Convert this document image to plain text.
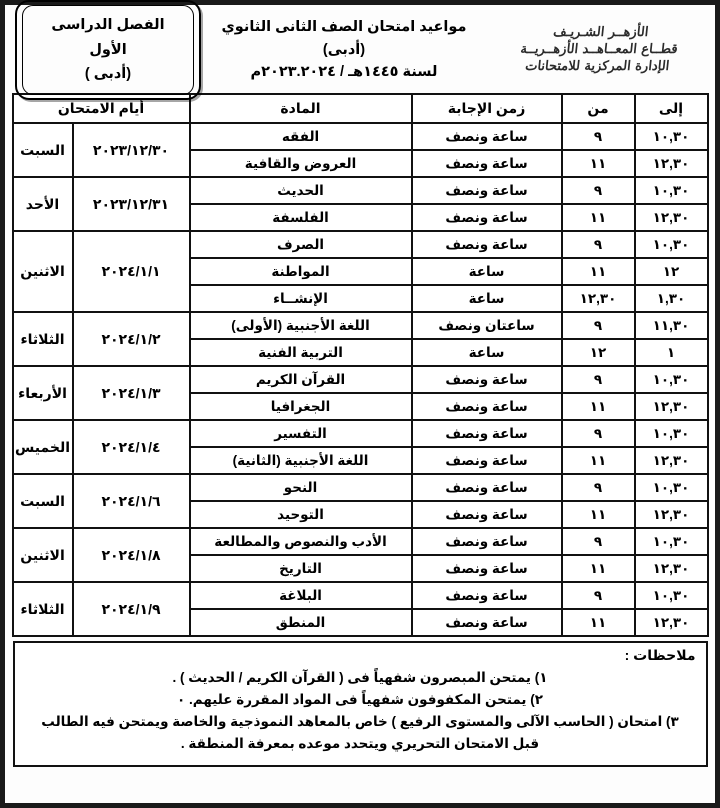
الأزهــر الشـريـف
قطــاع المعــاهــد الأزهــريــة
الإدارة المركزية للامتحانات
مواعيد امتحان الصف الثانى الثانوي (أدبى)
لسنة ١٤٤٥هـ / ٢٠٢٣.٢٠٢٤م
الفصل الدراسى الأول
(أدبى )
إلى	من	زمن الإجابة	المادة	أيام الامتحان	
١٠,٣٠	٩	ساعة ونصف	الفقه	٢٠٢٣/١٢/٣٠	السبت
١٢,٣٠	١١	ساعة ونصف	العروض والقافية		
١٠,٣٠	٩	ساعة ونصف	الحديث	٢٠٢٣/١٢/٣١	الأحد
١٢,٣٠	١١	ساعة ونصف	الفلسفة		
١٠,٣٠	٩	ساعة ونصف	الصرف	٢٠٢٤/١/١	الاثنين
١٢	١١	ساعة	المواطنة		
١,٣٠	١٢,٣٠	ساعة	الإنشــاء		
١١,٣٠	٩	ساعتان ونصف	اللغة الأجنبية (الأولى)	٢٠٢٤/١/٢	الثلاثاء
١	١٢	ساعة	التربية الفنية		
١٠,٣٠	٩	ساعة ونصف	القرآن الكريم	٢٠٢٤/١/٣	الأربعاء
١٢,٣٠	١١	ساعة ونصف	الجغرافيا		
١٠,٣٠	٩	ساعة ونصف	التفسير	٢٠٢٤/١/٤	الخميس
١٢,٣٠	١١	ساعة ونصف	اللغة الأجنبية (الثانية)		
١٠,٣٠	٩	ساعة ونصف	النحو	٢٠٢٤/١/٦	السبت
١٢,٣٠	١١	ساعة ونصف	التوحيد		
١٠,٣٠	٩	ساعة ونصف	الأدب والنصوص والمطالعة	٢٠٢٤/١/٨	الاثنين
١٢,٣٠	١١	ساعة ونصف	التاريخ		
١٠,٣٠	٩	ساعة ونصف	البلاغة	٢٠٢٤/١/٩	الثلاثاء
١٢,٣٠	١١	ساعة ونصف	المنطق		
ملاحظات :
١) يمتحن المبصرون شفهياً فى ( القرآن الكريم / الحديث ) .
٢) يمتحن المكفوفون شفهياً فى المواد المقررة عليهم. ٠
٣) امتحان ( الحاسب الآلى والمستوى الرفيع ) خاص بالمعاهد النموذجية والخاصة ويمتحن فيه الطالب قبل الامتحان التحريري ويتحدد موعده بمعرفة المنطقة .
